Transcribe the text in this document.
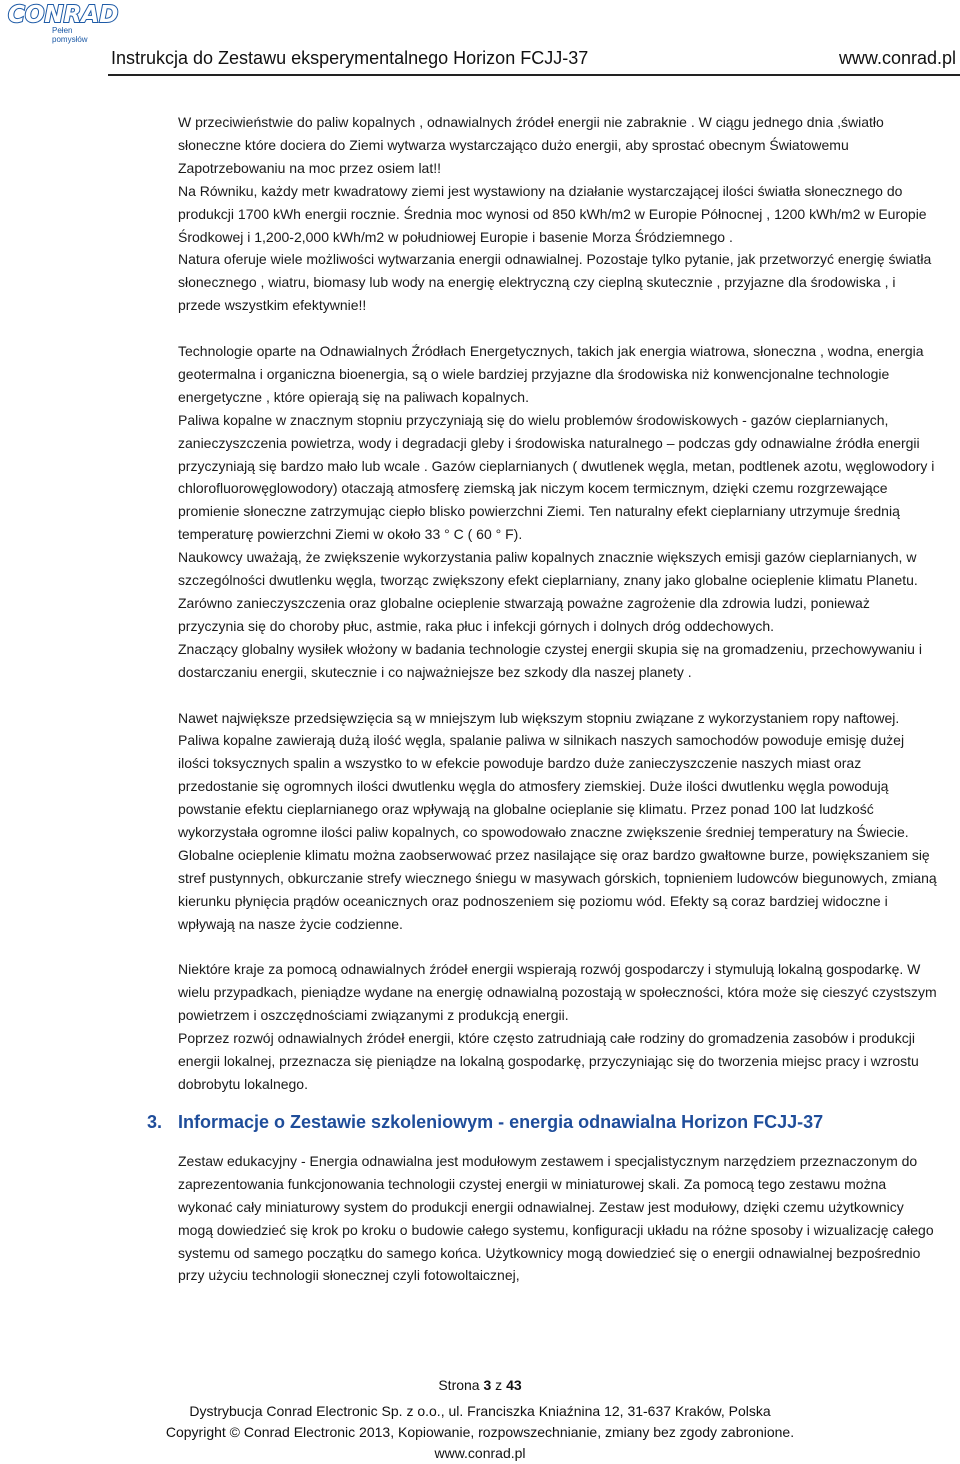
CONRAD
Pełen pomysłów
Instrukcja do Zestawu eksperymentalnego Horizon FCJJ-37	www.conrad.pl

W przeciwieństwie do paliw kopalnych , odnawialnych źródeł energii nie zabraknie . W ciągu jednego dnia ,światło słoneczne które dociera do Ziemi wytwarza wystarczająco dużo energii, aby sprostać obecnym Światowemu Zapotrzebowaniu na moc przez osiem lat!!

Na Równiku, każdy metr kwadratowy ziemi jest wystawiony na działanie wystarczającej ilości światła słonecznego do produkcji 1700 kWh energii rocznie. Średnia moc wynosi od 850 kWh/m2 w Europie Północnej , 1200 kWh/m2 w Europie Środkowej i 1,200-2,000 kWh/m2 w południowej Europie i basenie Morza Śródziemnego .

Natura oferuje wiele możliwości wytwarzania energii odnawialnej. Pozostaje tylko pytanie, jak przetworzyć energię światła słonecznego , wiatru, biomasy lub wody na energię elektryczną czy cieplną skutecznie , przyjazne dla środowiska , i przede wszystkim efektywnie!!

Technologie oparte na Odnawialnych Źródłach Energetycznych, takich jak energia wiatrowa, słoneczna , wodna, energia geotermalna i organiczna bioenergia, są o wiele bardziej przyjazne dla środowiska niż konwencjonalne technologie energetyczne , które opierają się na paliwach kopalnych.

Paliwa kopalne w znacznym stopniu przyczyniają się do wielu problemów środowiskowych - gazów cieplarnianych, zanieczyszczenia powietrza, wody i degradacji gleby i środowiska naturalnego – podczas gdy odnawialne źródła energii przyczyniają się bardzo mało lub wcale . Gazów cieplarnianych ( dwutlenek węgla, metan, podtlenek azotu, węglowodory i chlorofluorowęglowodory) otaczają atmosferę ziemską jak niczym kocem termicznym, dzięki czemu rozgrzewające promienie słoneczne zatrzymując ciepło blisko powierzchni Ziemi. Ten naturalny efekt cieplarniany utrzymuje średnią temperaturę powierzchni Ziemi w około 33 ° C ( 60 ° F).

Naukowcy uważają, że zwiększenie wykorzystania paliw kopalnych znacznie większych emisji gazów cieplarnianych, w szczególności dwutlenku węgla, tworząc zwiększony efekt cieplarniany, znany jako globalne ocieplenie klimatu Planetu. Zarówno zanieczyszczenia oraz globalne ocieplenie stwarzają poważne zagrożenie dla zdrowia ludzi, ponieważ przyczynia się do choroby płuc, astmie, raka płuc i infekcji górnych i dolnych dróg oddechowych.

Znaczący globalny wysiłek włożony w badania technologie czystej energii skupia się na gromadzeniu, przechowywaniu i dostarczaniu energii, skutecznie i co najważniejsze bez szkody dla naszej planety .

Nawet największe przedsięwzięcia są w mniejszym lub większym stopniu związane z wykorzystaniem ropy naftowej. Paliwa kopalne zawierają dużą ilość węgla, spalanie paliwa w silnikach naszych samochodów powoduje emisję dużej ilości toksycznych spalin a wszystko to w efekcie powoduje bardzo duże zanieczyszczenie naszych miast oraz przedostanie się ogromnych ilości dwutlenku węgla do atmosfery ziemskiej. Duże ilości dwutlenku węgla powodują powstanie efektu cieplarnianego oraz wpływają na globalne ocieplanie się klimatu. Przez ponad 100 lat ludzkość wykorzystała ogromne ilości paliw kopalnych, co spowodowało znaczne zwiększenie średniej temperatury na Świecie. Globalne ocieplenie klimatu można zaobserwować przez nasilające się oraz bardzo gwałtowne burze, powiększaniem się stref pustynnych, obkurczanie strefy wiecznego śniegu w masywach górskich, topnieniem ludowców biegunowych, zmianą kierunku płynięcia prądów oceanicznych oraz podnoszeniem się poziomu wód. Efekty są coraz bardziej widoczne i wpływają na nasze życie codzienne.

Niektóre kraje za pomocą odnawialnych źródeł energii wspierają rozwój gospodarczy i stymulują lokalną gospodarkę. W wielu przypadkach, pieniądze wydane na energię odnawialną pozostają w społeczności, która może się cieszyć czystszym powietrzem i oszczędnościami związanymi z produkcją energii.

Poprzez rozwój odnawialnych źródeł energii, które często zatrudniają całe rodziny do gromadzenia zasobów i produkcji energii lokalnej, przeznacza się pieniądze na lokalną gospodarkę, przyczyniając się do tworzenia miejsc pracy i wzrostu dobrobytu lokalnego.

3. Informacje o Zestawie szkoleniowym - energia odnawialna Horizon FCJJ-37

Zestaw edukacyjny - Energia odnawialna jest modułowym zestawem i specjalistycznym narzędziem przeznaczonym do zaprezentowania funkcjonowania technologii czystej energii w miniaturowej skali. Za pomocą tego zestawu można wykonać cały miniaturowy system do produkcji energii odnawialnej. Zestaw jest modułowy, dzięki czemu użytkownicy mogą dowiedzieć się krok po kroku o budowie całego systemu, konfiguracji układu na różne sposoby i wizualizację całego systemu od samego początku do samego końca. Użytkownicy mogą dowiedzieć się o energii odnawialnej bezpośrednio przy użyciu technologii słonecznej czyli fotowoltaicznej,

Strona 3 z 43
Dystrybucja Conrad Electronic Sp. z o.o., ul. Franciszka Kniaźnina 12, 31-637 Kraków, Polska
Copyright © Conrad Electronic 2013, Kopiowanie, rozpowszechnianie, zmiany bez zgody zabronione.
www.conrad.pl
